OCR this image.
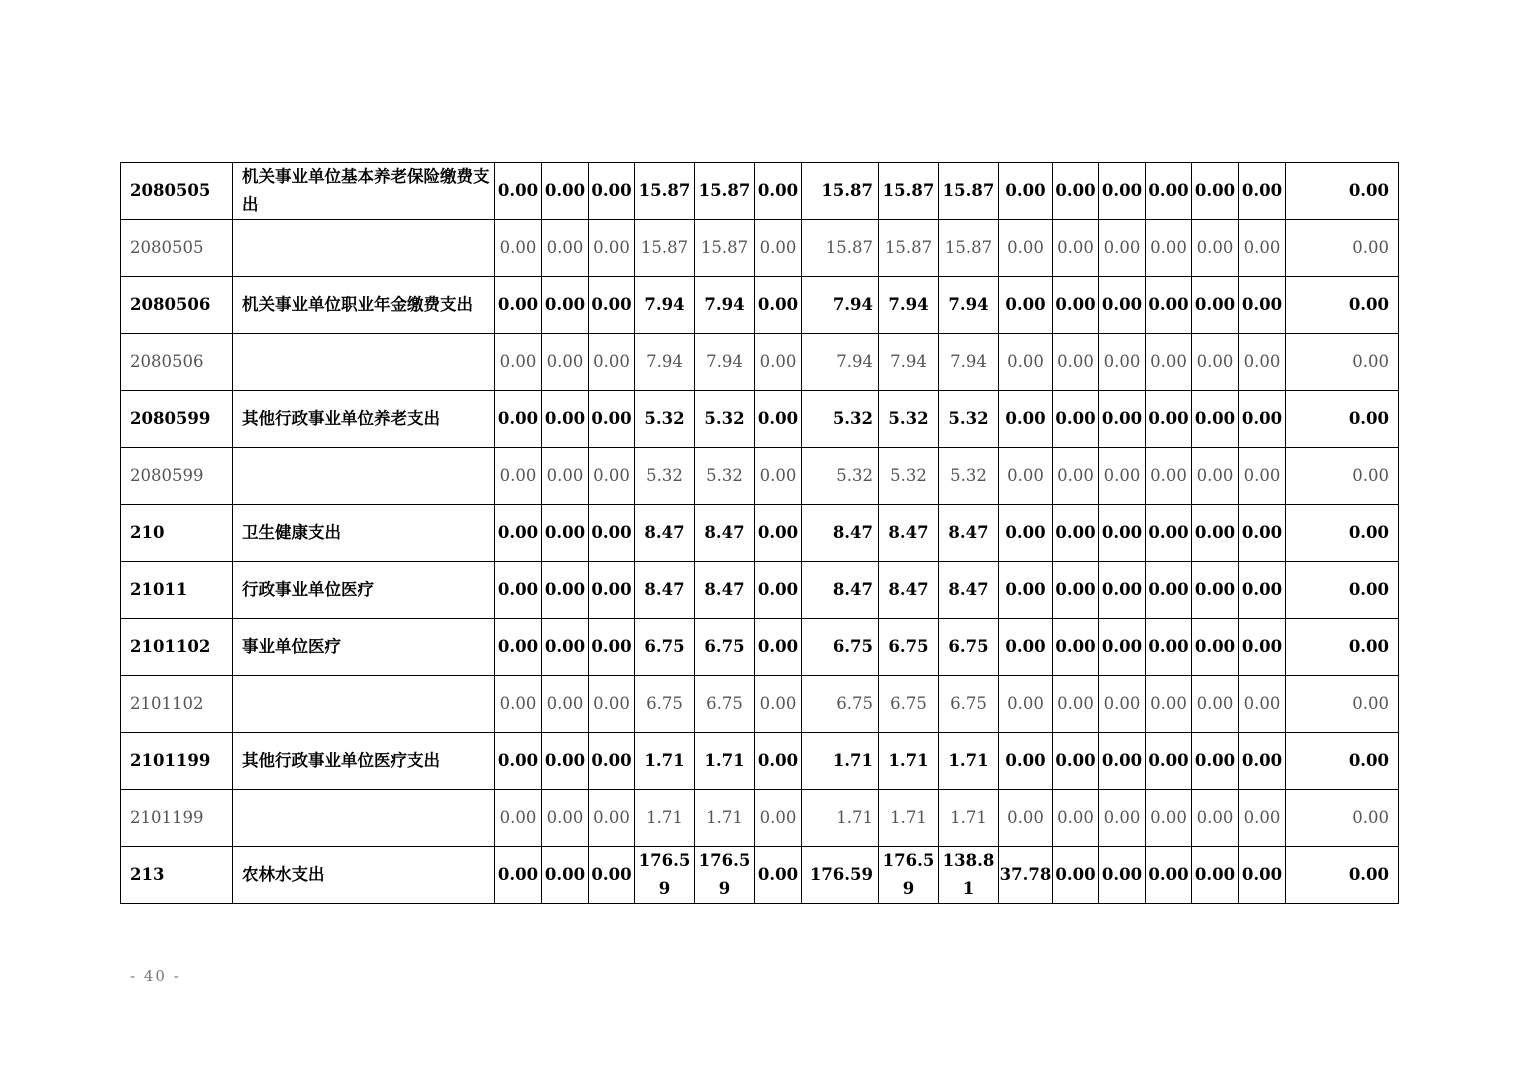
2080505	机关事业单位基本养老保险缴费支出	0.00	0.00	0.00	15.87	15.87	0.00	15.87	15.87	15.87	0.00	0.00	0.00	0.00	0.00	0.00	0.00
2080505		0.00	0.00	0.00	15.87	15.87	0.00	15.87	15.87	15.87	0.00	0.00	0.00	0.00	0.00	0.00	0.00
2080506	机关事业单位职业年金缴费支出	0.00	0.00	0.00	7.94	7.94	0.00	7.94	7.94	7.94	0.00	0.00	0.00	0.00	0.00	0.00	0.00
2080506		0.00	0.00	0.00	7.94	7.94	0.00	7.94	7.94	7.94	0.00	0.00	0.00	0.00	0.00	0.00	0.00
2080599	其他行政事业单位养老支出	0.00	0.00	0.00	5.32	5.32	0.00	5.32	5.32	5.32	0.00	0.00	0.00	0.00	0.00	0.00	0.00
2080599		0.00	0.00	0.00	5.32	5.32	0.00	5.32	5.32	5.32	0.00	0.00	0.00	0.00	0.00	0.00	0.00
210	卫生健康支出	0.00	0.00	0.00	8.47	8.47	0.00	8.47	8.47	8.47	0.00	0.00	0.00	0.00	0.00	0.00	0.00
21011	行政事业单位医疗	0.00	0.00	0.00	8.47	8.47	0.00	8.47	8.47	8.47	0.00	0.00	0.00	0.00	0.00	0.00	0.00
2101102	事业单位医疗	0.00	0.00	0.00	6.75	6.75	0.00	6.75	6.75	6.75	0.00	0.00	0.00	0.00	0.00	0.00	0.00
2101102		0.00	0.00	0.00	6.75	6.75	0.00	6.75	6.75	6.75	0.00	0.00	0.00	0.00	0.00	0.00	0.00
2101199	其他行政事业单位医疗支出	0.00	0.00	0.00	1.71	1.71	0.00	1.71	1.71	1.71	0.00	0.00	0.00	0.00	0.00	0.00	0.00
2101199		0.00	0.00	0.00	1.71	1.71	0.00	1.71	1.71	1.71	0.00	0.00	0.00	0.00	0.00	0.00	0.00
213	农林水支出	0.00	0.00	0.00	176.59	176.59	0.00	176.59	176.59	138.81	37.78	0.00	0.00	0.00	0.00	0.00	0.00
- 40 -
